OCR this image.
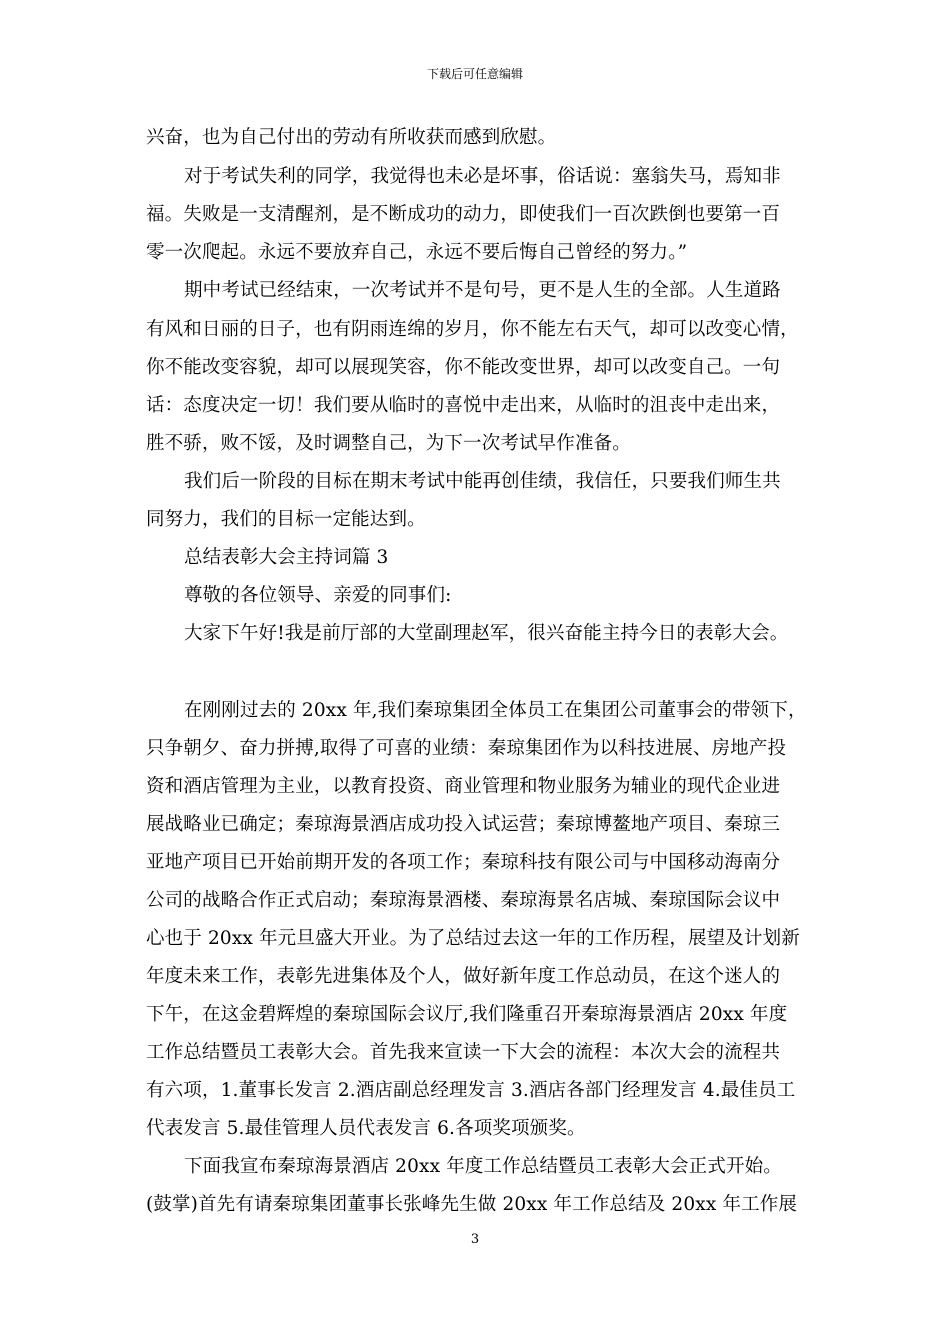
下载后可任意编辑
兴奋，也为自己付出的劳动有所收获而感到欣慰。
对于考试失利的同学，我觉得也未必是坏事，俗话说：塞翁失马，焉知非
福。失败是一支清醒剂，是不断成功的动力，即使我们一百次跌倒也要第一百
零一次爬起。永远不要放弃自己，永远不要后悔自己曾经的努力。”
期中考试已经结束，一次考试并不是句号，更不是人生的全部。人生道路
有风和日丽的日子，也有阴雨连绵的岁月，你不能左右天气，却可以改变心情，
你不能改变容貌，却可以展现笑容，你不能改变世界，却可以改变自己。一句
话：态度决定一切！我们要从临时的喜悦中走出来，从临时的沮丧中走出来，
胜不骄，败不馁，及时调整自己，为下一次考试早作准备。
我们后一阶段的目标在期末考试中能再创佳绩，我信任，只要我们师生共
同努力，我们的目标一定能达到。
总结表彰大会主持词篇 3
尊敬的各位领导、亲爱的同事们:
大家下午好!我是前厅部的大堂副理赵军，很兴奋能主持今日的表彰大会。
在刚刚过去的 20xx 年,我们秦琼集团全体员工在集团公司董事会的带领下，
只争朝夕、奋力拼搏,取得了可喜的业绩：秦琼集团作为以科技进展、房地产投
资和酒店管理为主业，以教育投资、商业管理和物业服务为辅业的现代企业进
展战略业已确定；秦琼海景酒店成功投入试运营；秦琼博鳌地产项目、秦琼三
亚地产项目已开始前期开发的各项工作；秦琼科技有限公司与中国移动海南分
公司的战略合作正式启动；秦琼海景酒楼、秦琼海景名店城、秦琼国际会议中
心也于 20xx 年元旦盛大开业。为了总结过去这一年的工作历程，展望及计划新
年度未来工作，表彰先进集体及个人，做好新年度工作总动员，在这个迷人的
下午，在这金碧辉煌的秦琼国际会议厅,我们隆重召开秦琼海景酒店 20xx 年度
工作总结暨员工表彰大会。首先我来宣读一下大会的流程：本次大会的流程共
有六项，1.董事长发言 2.酒店副总经理发言 3.酒店各部门经理发言 4.最佳员工
代表发言 5.最佳管理人员代表发言 6.各项奖项颁奖。
下面我宣布秦琼海景酒店 20xx 年度工作总结暨员工表彰大会正式开始。
(鼓掌)首先有请秦琼集团董事长张峰先生做 20xx 年工作总结及 20xx 年工作展
3
